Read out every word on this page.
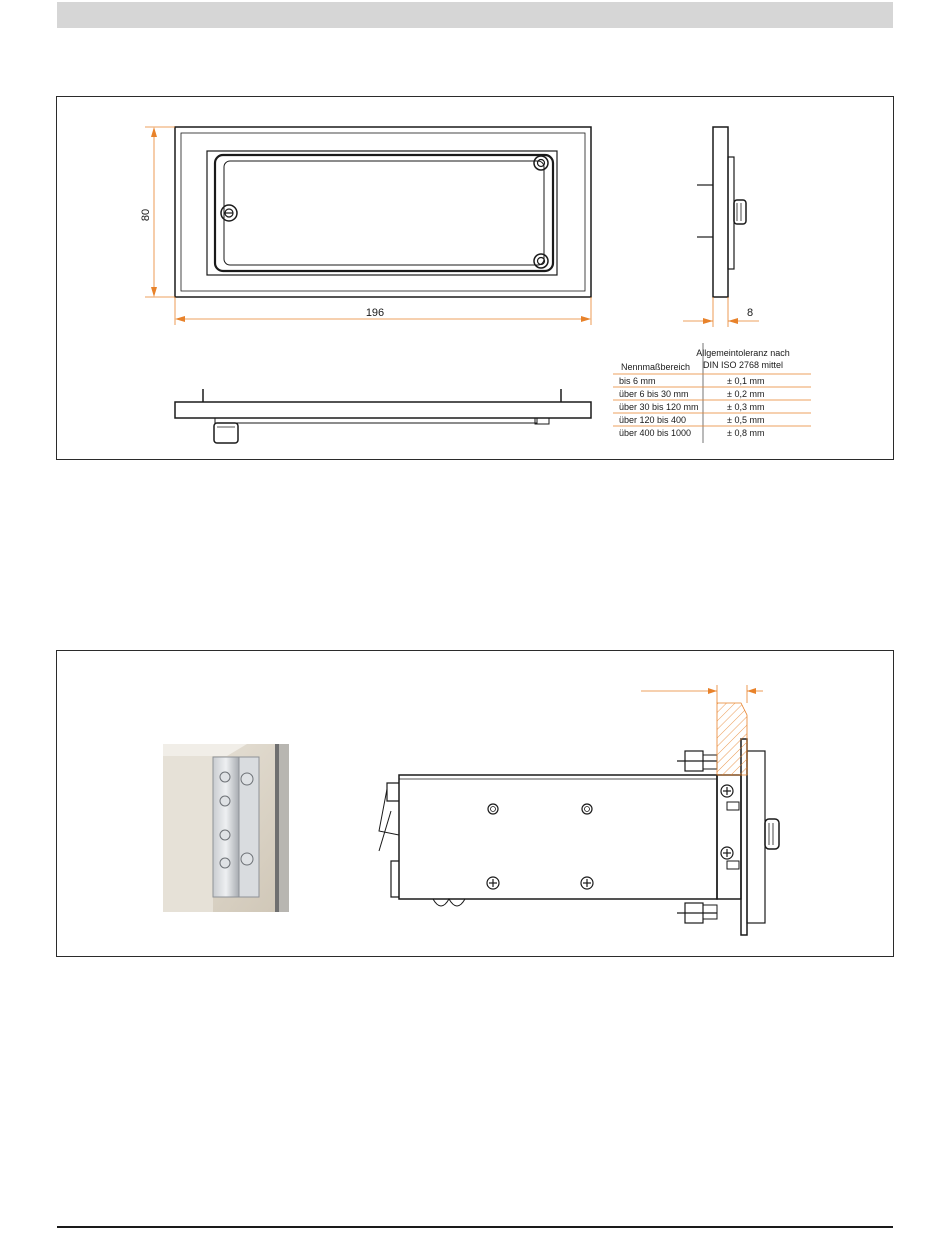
80
196	8
Allgemeintoleranz nach
DIN ISO 2768 mittel
Nennmaßbereich
bis 6 mm	± 0,1 mm
über 6 bis 30 mm	± 0,2 mm
über 30 bis 120 mm	± 0,3 mm
über 120 bis 400	± 0,5 mm
über 400 bis 1000	± 0,8 mm
